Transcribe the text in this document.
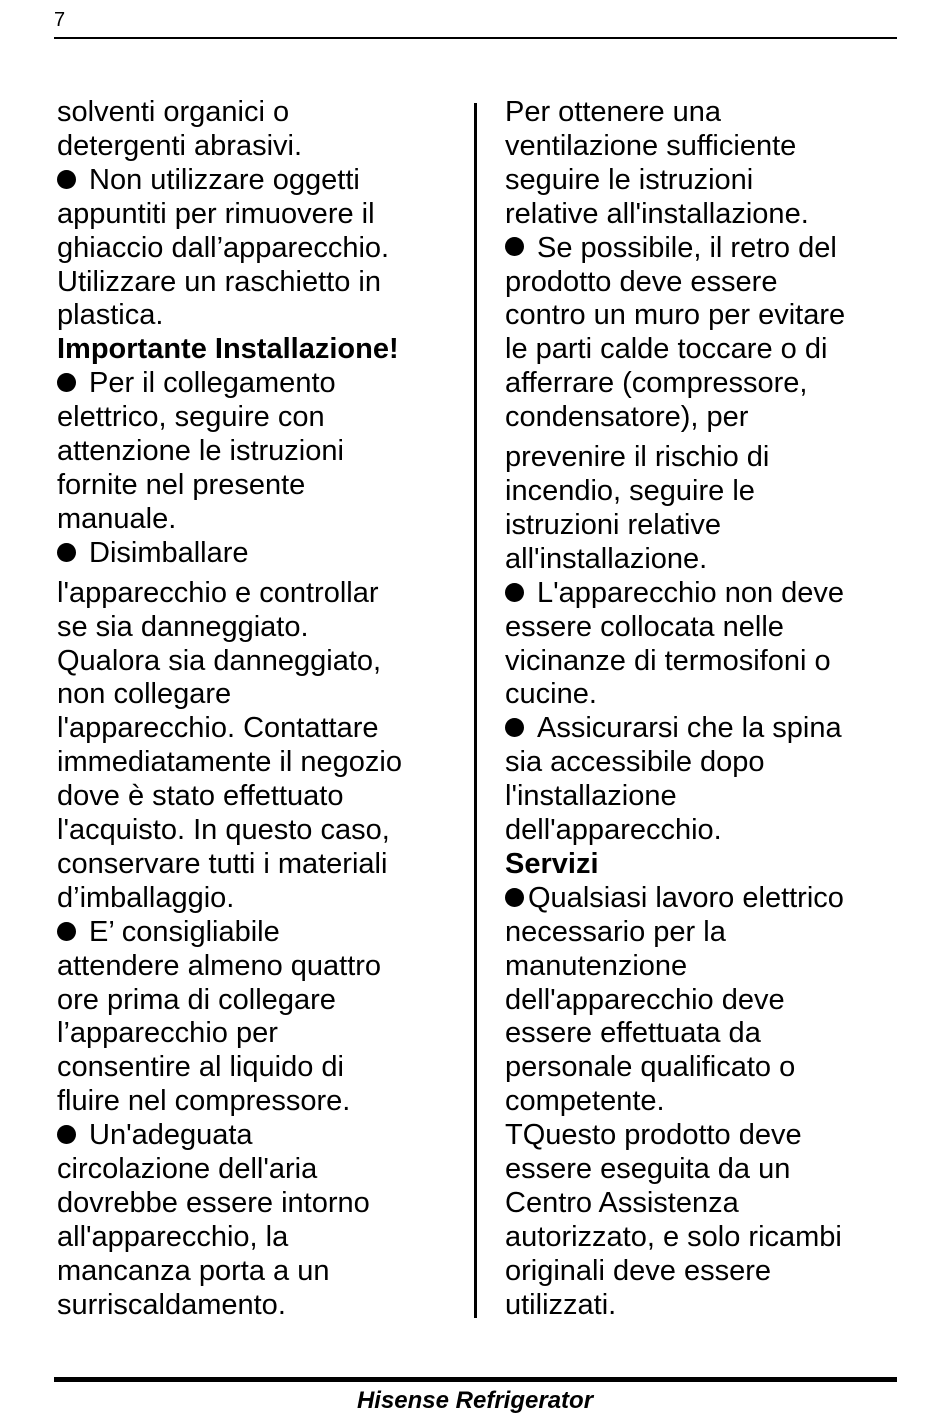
7
solventi organici o
detergenti abrasivi.
Non utilizzare oggetti
appuntiti per rimuovere il
ghiaccio dall’apparecchio.
Utilizzare un raschietto in
plastica.
Importante Installazione!
Per il collegamento
elettrico, seguire con
attenzione le istruzioni
fornite nel presente
manuale.
Disimballare
l'apparecchio e controllar
se sia danneggiato.
Qualora sia danneggiato,
non collegare
l'apparecchio. Contattare
immediatamente il negozio
dove è stato effettuato
l'acquisto. In questo caso,
conservare tutti i materiali
d’imballaggio.
E’ consigliabile
attendere almeno quattro
ore prima di collegare
l’apparecchio per
consentire al liquido di
fluire nel compressore.
Un'adeguata
circolazione dell'aria
dovrebbe essere intorno
all'apparecchio, la
mancanza porta a un
surriscaldamento.
Per ottenere una
ventilazione sufficiente
seguire le istruzioni
relative all'installazione.
Se possibile, il retro del
prodotto deve essere
contro un muro per evitare
le parti calde toccare o di
afferrare (compressore,
condensatore), per
prevenire il rischio di
incendio, seguire le
istruzioni relative
all'installazione.
L'apparecchio non deve
essere collocata nelle
vicinanze di termosifoni o
cucine.
Assicurarsi che la spina
sia accessibile dopo
l'installazione
dell'apparecchio.
Servizi
Qualsiasi lavoro elettrico
necessario per la
manutenzione
dell'apparecchio deve
essere effettuata da
personale qualificato o
competente.
TQuesto prodotto deve
essere eseguita da un
Centro Assistenza
autorizzato, e solo ricambi
originali deve essere
utilizzati.
Hisense Refrigerator
